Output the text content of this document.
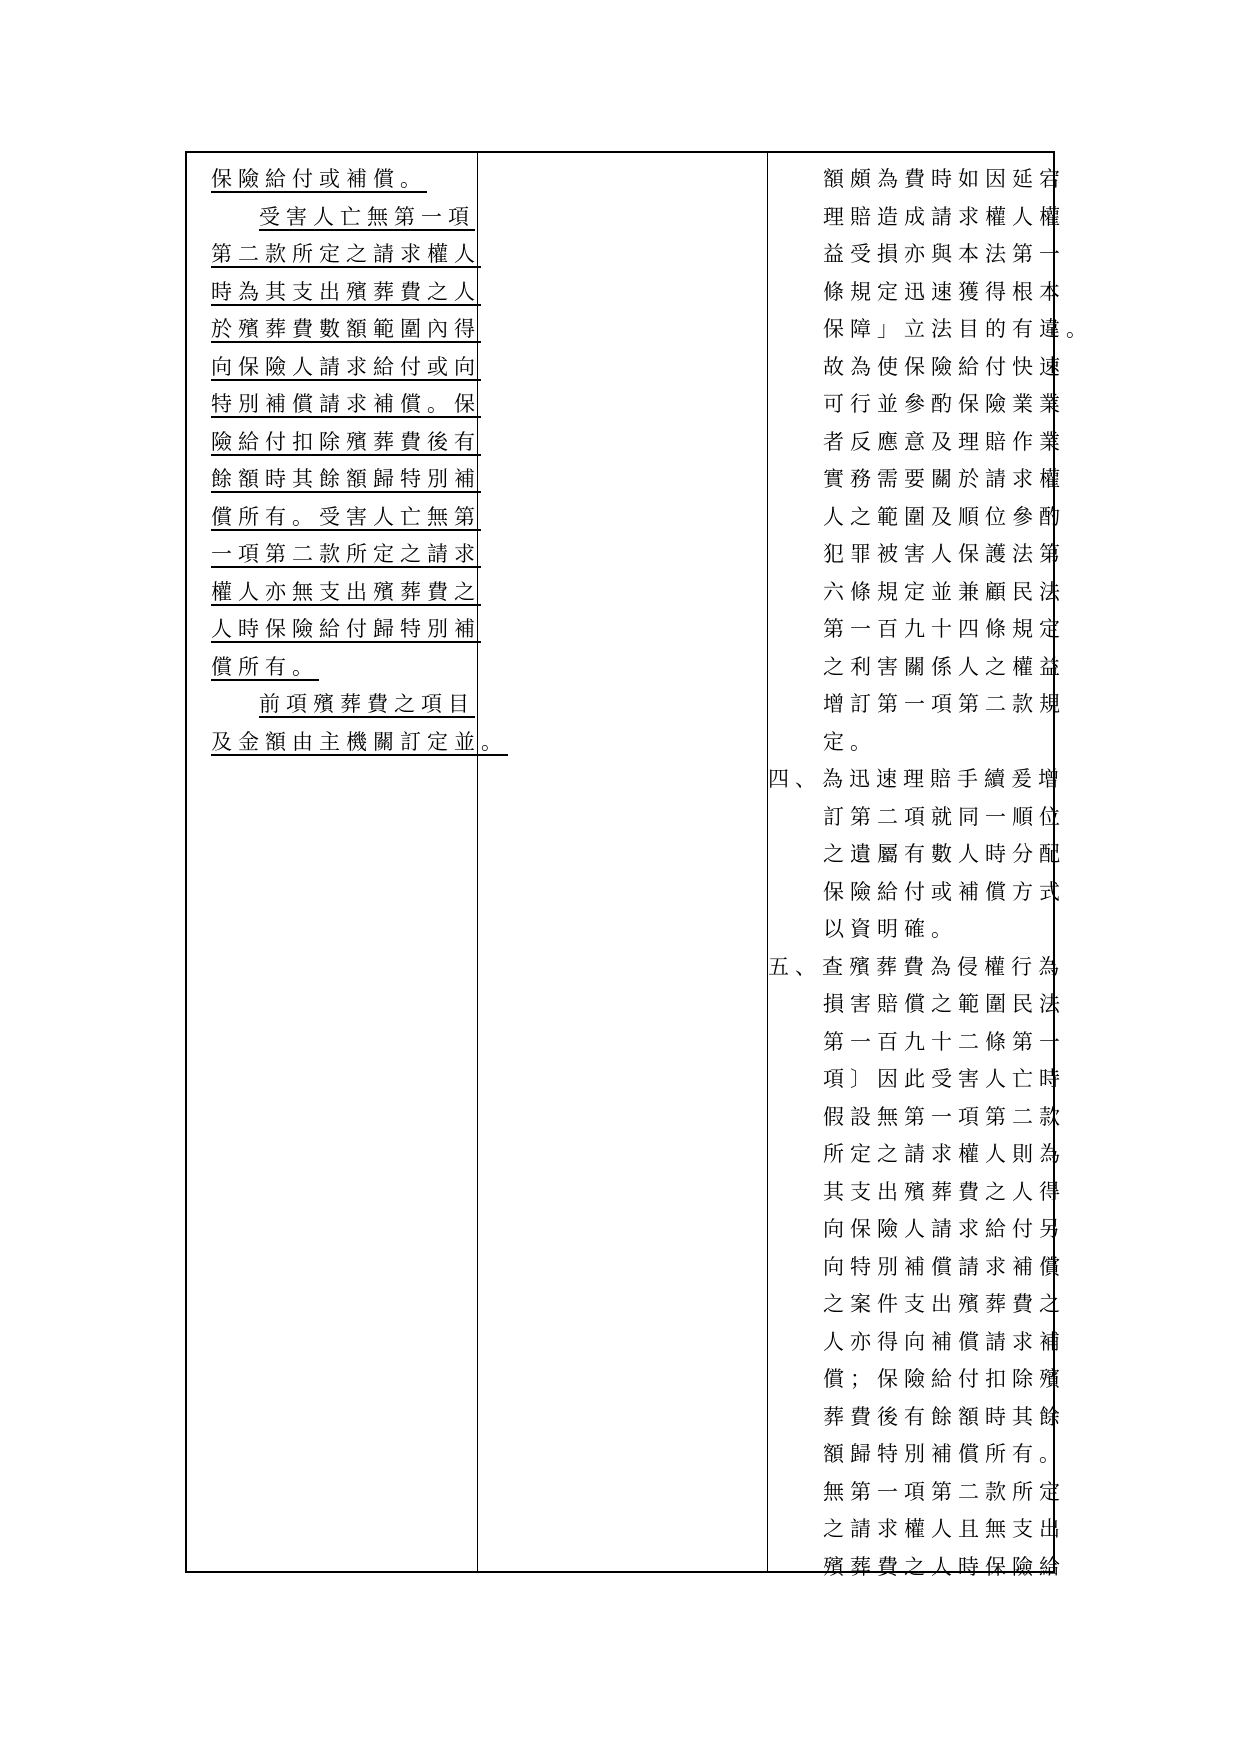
保險給付或補償。
受害人亡無第一項
第二款所定之請求權人
時為其支出殯葬費之人
於殯葬費數額範圍內得
向保險人請求給付或向
特別補償請求補償。保
險給付扣除殯葬費後有
餘額時其餘額歸特別補
償所有。受害人亡無第
一項第二款所定之請求
權人亦無支出殯葬費之
人時保險給付歸特別補
償所有。
前項殯葬費之項目
及金額由主機關訂定並。
額頗為費時如因延宕
理賠造成請求權人權
益受損亦與本法第一
條規定迅速獲得根本
保障」立法目的有違。
故為使保險給付快速
可行並參酌保險業業
者反應意及理賠作業
實務需要關於請求權
人之範圍及順位參酌
犯罪被害人保護法第
六條規定並兼顧民法
第一百九十四條規定
之利害關係人之權益
增訂第一項第二款規
定。
四、為迅速理賠手續爰增
訂第二項就同一順位
之遺屬有數人時分配
保險給付或補償方式
以資明確。
五、查殯葬費為侵權行為
損害賠償之範圍民法
第一百九十二條第一
項〕因此受害人亡時
假設無第一項第二款
所定之請求權人則為
其支出殯葬費之人得
向保險人請求給付另
向特別補償請求補償
之案件支出殯葬費之
人亦得向補償請求補
償；保險給付扣除殯
葬費後有餘額時其餘
額歸特別補償所有。
無第一項第二款所定
之請求權人且無支出
殯葬費之人時保險給
